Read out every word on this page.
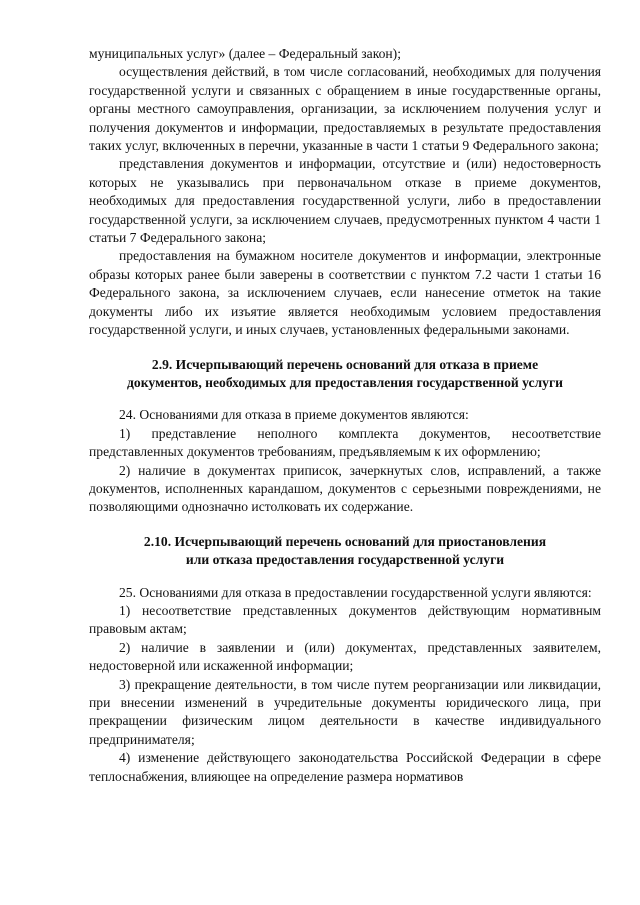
муниципальных услуг» (далее – Федеральный закон);

осуществления действий, в том числе согласований, необходимых для получения государственной услуги и связанных с обращением в иные государственные органы, органы местного самоуправления, организации, за исключением получения услуг и получения документов и информации, предоставляемых в результате предоставления таких услуг, включенных в перечни, указанные в части 1 статьи 9 Федерального закона;

представления документов и информации, отсутствие и (или) недостоверность которых не указывались при первоначальном отказе в приеме документов, необходимых для предоставления государственной услуги, либо в предоставлении государственной услуги, за исключением случаев, предусмотренных пунктом 4 части 1 статьи 7 Федерального закона;

предоставления на бумажном носителе документов и информации, электронные образы которых ранее были заверены в соответствии с пунктом 7.2 части 1 статьи 16 Федерального закона, за исключением случаев, если нанесение отметок на такие документы либо их изъятие является необходимым условием предоставления государственной услуги, и иных случаев, установленных федеральными законами.

2.9. Исчерпывающий перечень оснований для отказа в приеме
документов, необходимых для предоставления государственной услуги

24. Основаниями для отказа в приеме документов являются:

1) представление неполного комплекта документов, несоответствие представленных документов требованиям, предъявляемым к их оформлению;

2) наличие в документах приписок, зачеркнутых слов, исправлений, а также документов, исполненных карандашом, документов с серьезными повреждениями, не позволяющими однозначно истолковать их содержание.

2.10. Исчерпывающий перечень оснований для приостановления
или отказа предоставления государственной услуги

25. Основаниями для отказа в предоставлении государственной услуги являются:

1) несоответствие представленных документов действующим нормативным правовым актам;

2) наличие в заявлении и (или) документах, представленных заявителем, недостоверной или искаженной информации;

3) прекращение деятельности, в том числе путем реорганизации или ликвидации, при внесении изменений в учредительные документы юридического лица, при прекращении физическим лицом деятельности в качестве индивидуального предпринимателя;

4) изменение действующего законодательства Российской Федерации в сфере теплоснабжения, влияющее на определение размера нормативов
